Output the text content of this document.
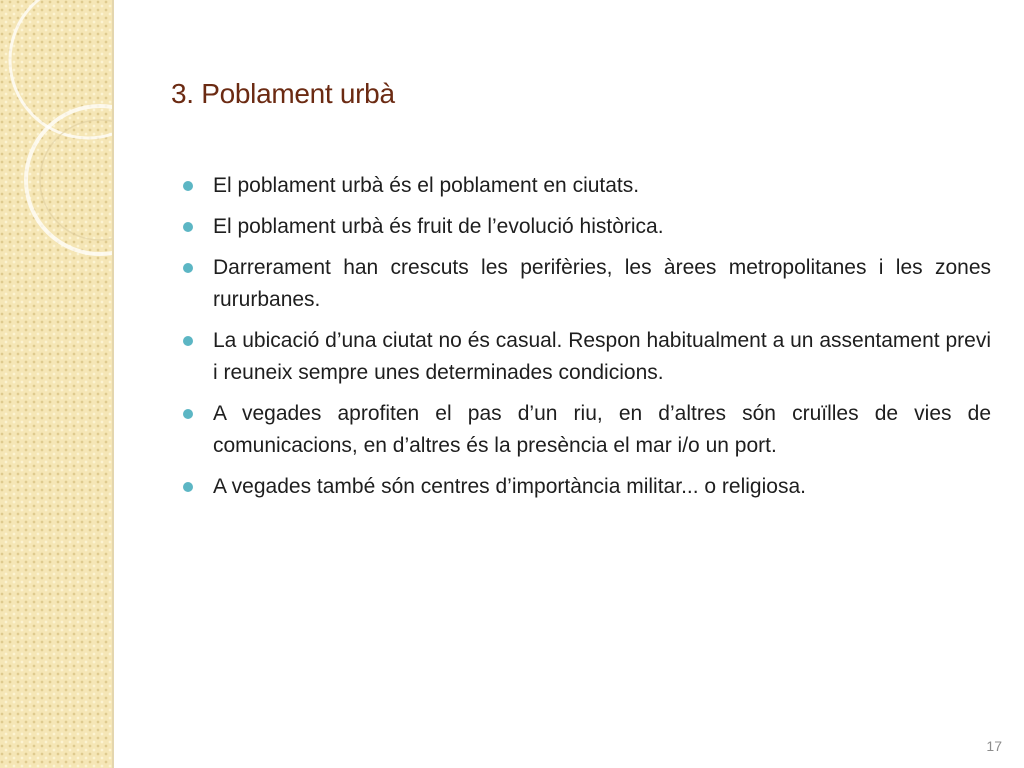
3. Poblament urbà
El poblament urbà és el poblament en ciutats.
El poblament urbà és fruit de l’evolució històrica.
Darrerament han crescuts les perifèries, les àrees metropolitanes i les zones rururbanes.
La ubicació d’una ciutat no és casual. Respon habitualment a un assentament previ i reuneix sempre unes determinades condicions.
A vegades aprofiten el pas d’un riu, en d’altres són cruïlles de vies de comunicacions, en d’altres és la presència el mar i/o un port.
A vegades també són centres d’importància militar... o religiosa.
17
